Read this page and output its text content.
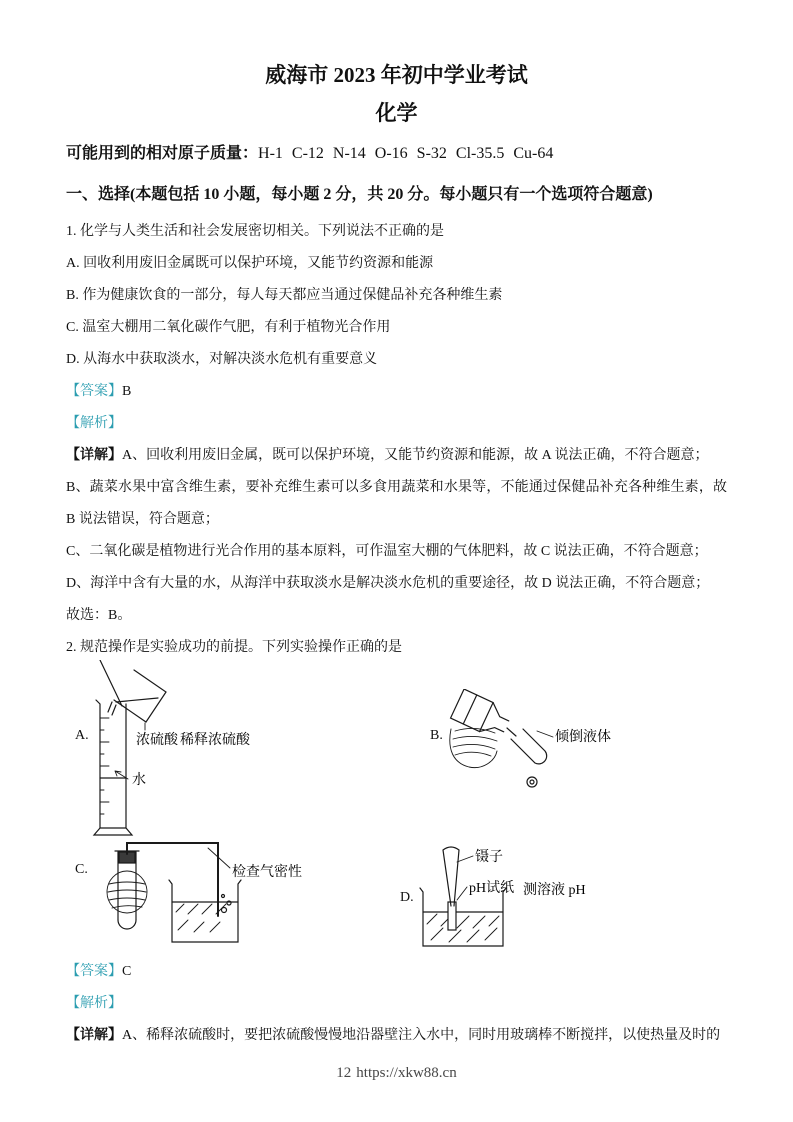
威海市 2023 年初中学业考试
化学

可能用到的相对原子质量：H-1 C-12 N-14 O-16 S-32 Cl-35.5 Cu-64

一、选择(本题包括 10 小题，每小题 2 分，共 20 分。每小题只有一个选项符合题意)

1. 化学与人类生活和社会发展密切相关。下列说法不正确的是

A. 回收利用废旧金属既可以保护环境，又能节约资源和能源

B. 作为健康饮食的一部分，每人每天都应当通过保健品补充各种维生素

C. 温室大棚用二氧化碳作气肥，有利于植物光合作用

D. 从海水中获取淡水，对解决淡水危机有重要意义

【答案】B

【解析】

【详解】A、回收利用废旧金属，既可以保护环境，又能节约资源和能源，故 A 说法正确，不符合题意；

B、蔬菜水果中富含维生素，要补充维生素可以多食用蔬菜和水果等，不能通过保健品补充各种维生素，故 B 说法错误，符合题意；

C、二氧化碳是植物进行光合作用的基本原料，可作温室大棚的气体肥料，故 C 说法正确，不符合题意；

D、海洋中含有大量的水，从海洋中获取淡水是解决淡水危机的重要途径，故 D 说法正确，不符合题意；

故选：B。

2. 规范操作是实验成功的前提。下列实验操作正确的是

A.	浓硫酸 稀释浓硫酸
水
B.	倾倒液体
C.	检查气密性
D.
镊子
pH试纸 测溶液 pH

【答案】C

【解析】

【详解】A、稀释浓硫酸时，要把浓硫酸慢慢地沿器壁注入水中，同时用玻璃棒不断搅拌，以使热量及时的

12 https://xkw88.cn
